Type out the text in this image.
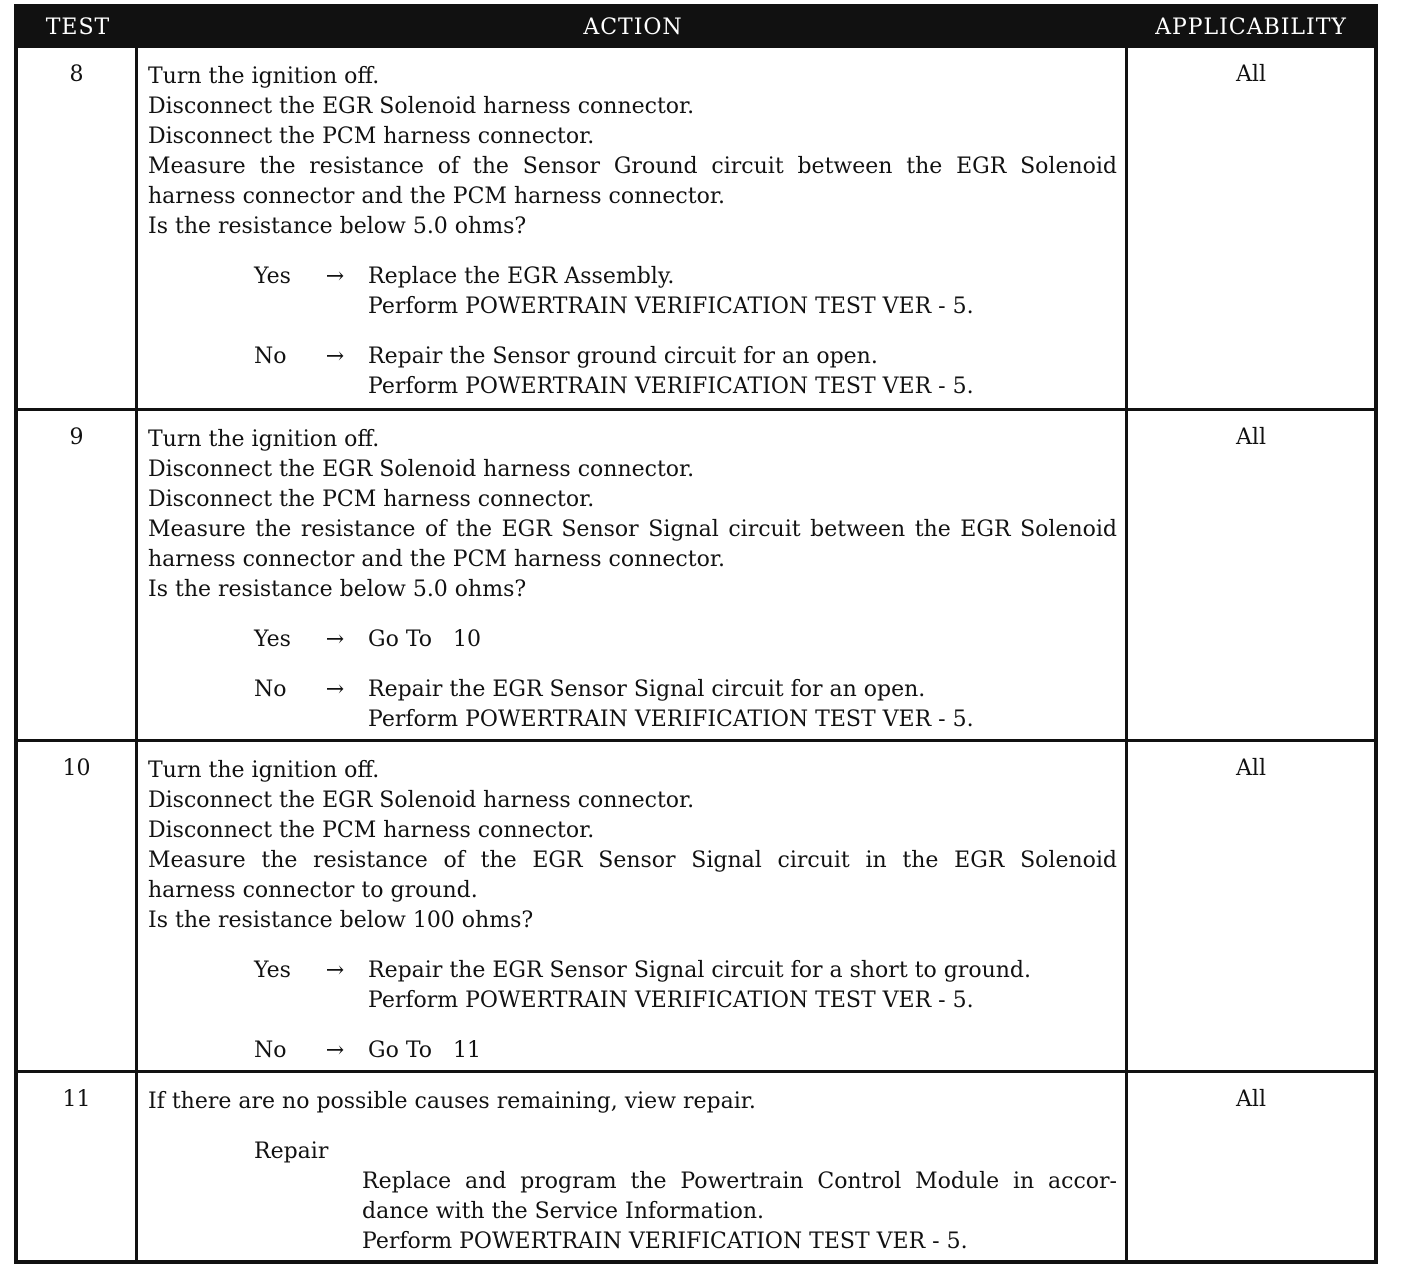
TEST	ACTION	APPLICABILITY
8	Turn the ignition off.
Disconnect the EGR Solenoid harness connector.
Disconnect the PCM harness connector.
Measure the resistance of the Sensor Ground circuit between the EGR Solenoid
harness connector and the PCM harness connector.
Is the resistance below 5.0 ohms?
Yes	→ Replace the EGR Assembly.
Perform POWERTRAIN VERIFICATION TEST VER - 5.
No	→ Repair the Sensor ground circuit for an open.
Perform POWERTRAIN VERIFICATION TEST VER - 5.
All
9	Turn the ignition off.
Disconnect the EGR Solenoid harness connector.
Disconnect the PCM harness connector.
Measure the resistance of the EGR Sensor Signal circuit between the EGR Solenoid
harness connector and the PCM harness connector.
Is the resistance below 5.0 ohms?
Yes	→ Go To   10
No	→ Repair the EGR Sensor Signal circuit for an open.
Perform POWERTRAIN VERIFICATION TEST VER - 5.
All
10	Turn the ignition off.
Disconnect the EGR Solenoid harness connector.
Disconnect the PCM harness connector.
Measure the resistance of the EGR Sensor Signal circuit in the EGR Solenoid
harness connector to ground.
Is the resistance below 100 ohms?
Yes	→ Repair the EGR Sensor Signal circuit for a short to ground.
Perform POWERTRAIN VERIFICATION TEST VER - 5.
No	→ Go To   11
All
11	If there are no possible causes remaining, view repair.
Repair
Replace and program the Powertrain Control Module in accor-
dance with the Service Information.
Perform POWERTRAIN VERIFICATION TEST VER - 5.
All
